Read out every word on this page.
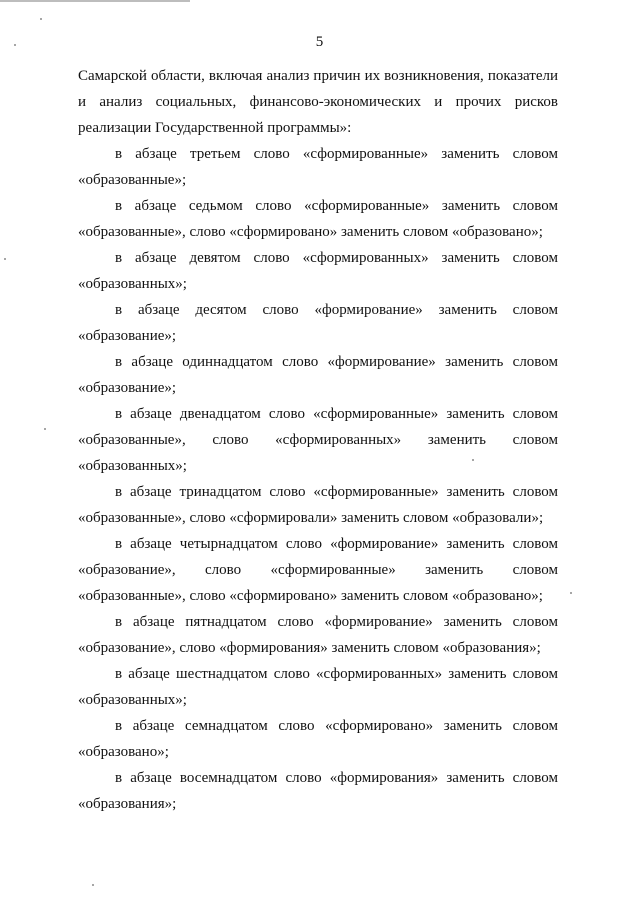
5

Самарской области, включая анализ причин их возникновения, показатели и анализ социальных, финансово-экономических и прочих рисков реализации Государственной программы»:

в абзаце третьем слово «сформированные» заменить словом «образованные»;

в абзаце седьмом слово «сформированные» заменить словом «образованные», слово «сформировано» заменить словом «образовано»;

в абзаце девятом слово «сформированных» заменить словом «образованных»;

в абзаце десятом слово «формирование» заменить словом «образование»;

в абзаце одиннадцатом слово «формирование» заменить словом «образование»;

в абзаце двенадцатом слово «сформированные» заменить словом «образованные», слово «сформированных» заменить словом «образованных»;

в абзаце тринадцатом слово «сформированные» заменить словом «образованные», слово «сформировали» заменить словом «образовали»;

в абзаце четырнадцатом слово «формирование» заменить словом «образование», слово «сформированные» заменить словом «образованные», слово «сформировано» заменить словом «образовано»;

в абзаце пятнадцатом слово «формирование» заменить словом «образование», слово «формирования» заменить словом «образования»;

в абзаце шестнадцатом слово «сформированных» заменить словом «образованных»;

в абзаце семнадцатом слово «сформировано» заменить словом «образовано»;

в абзаце восемнадцатом слово «формирования» заменить словом «образования»;
